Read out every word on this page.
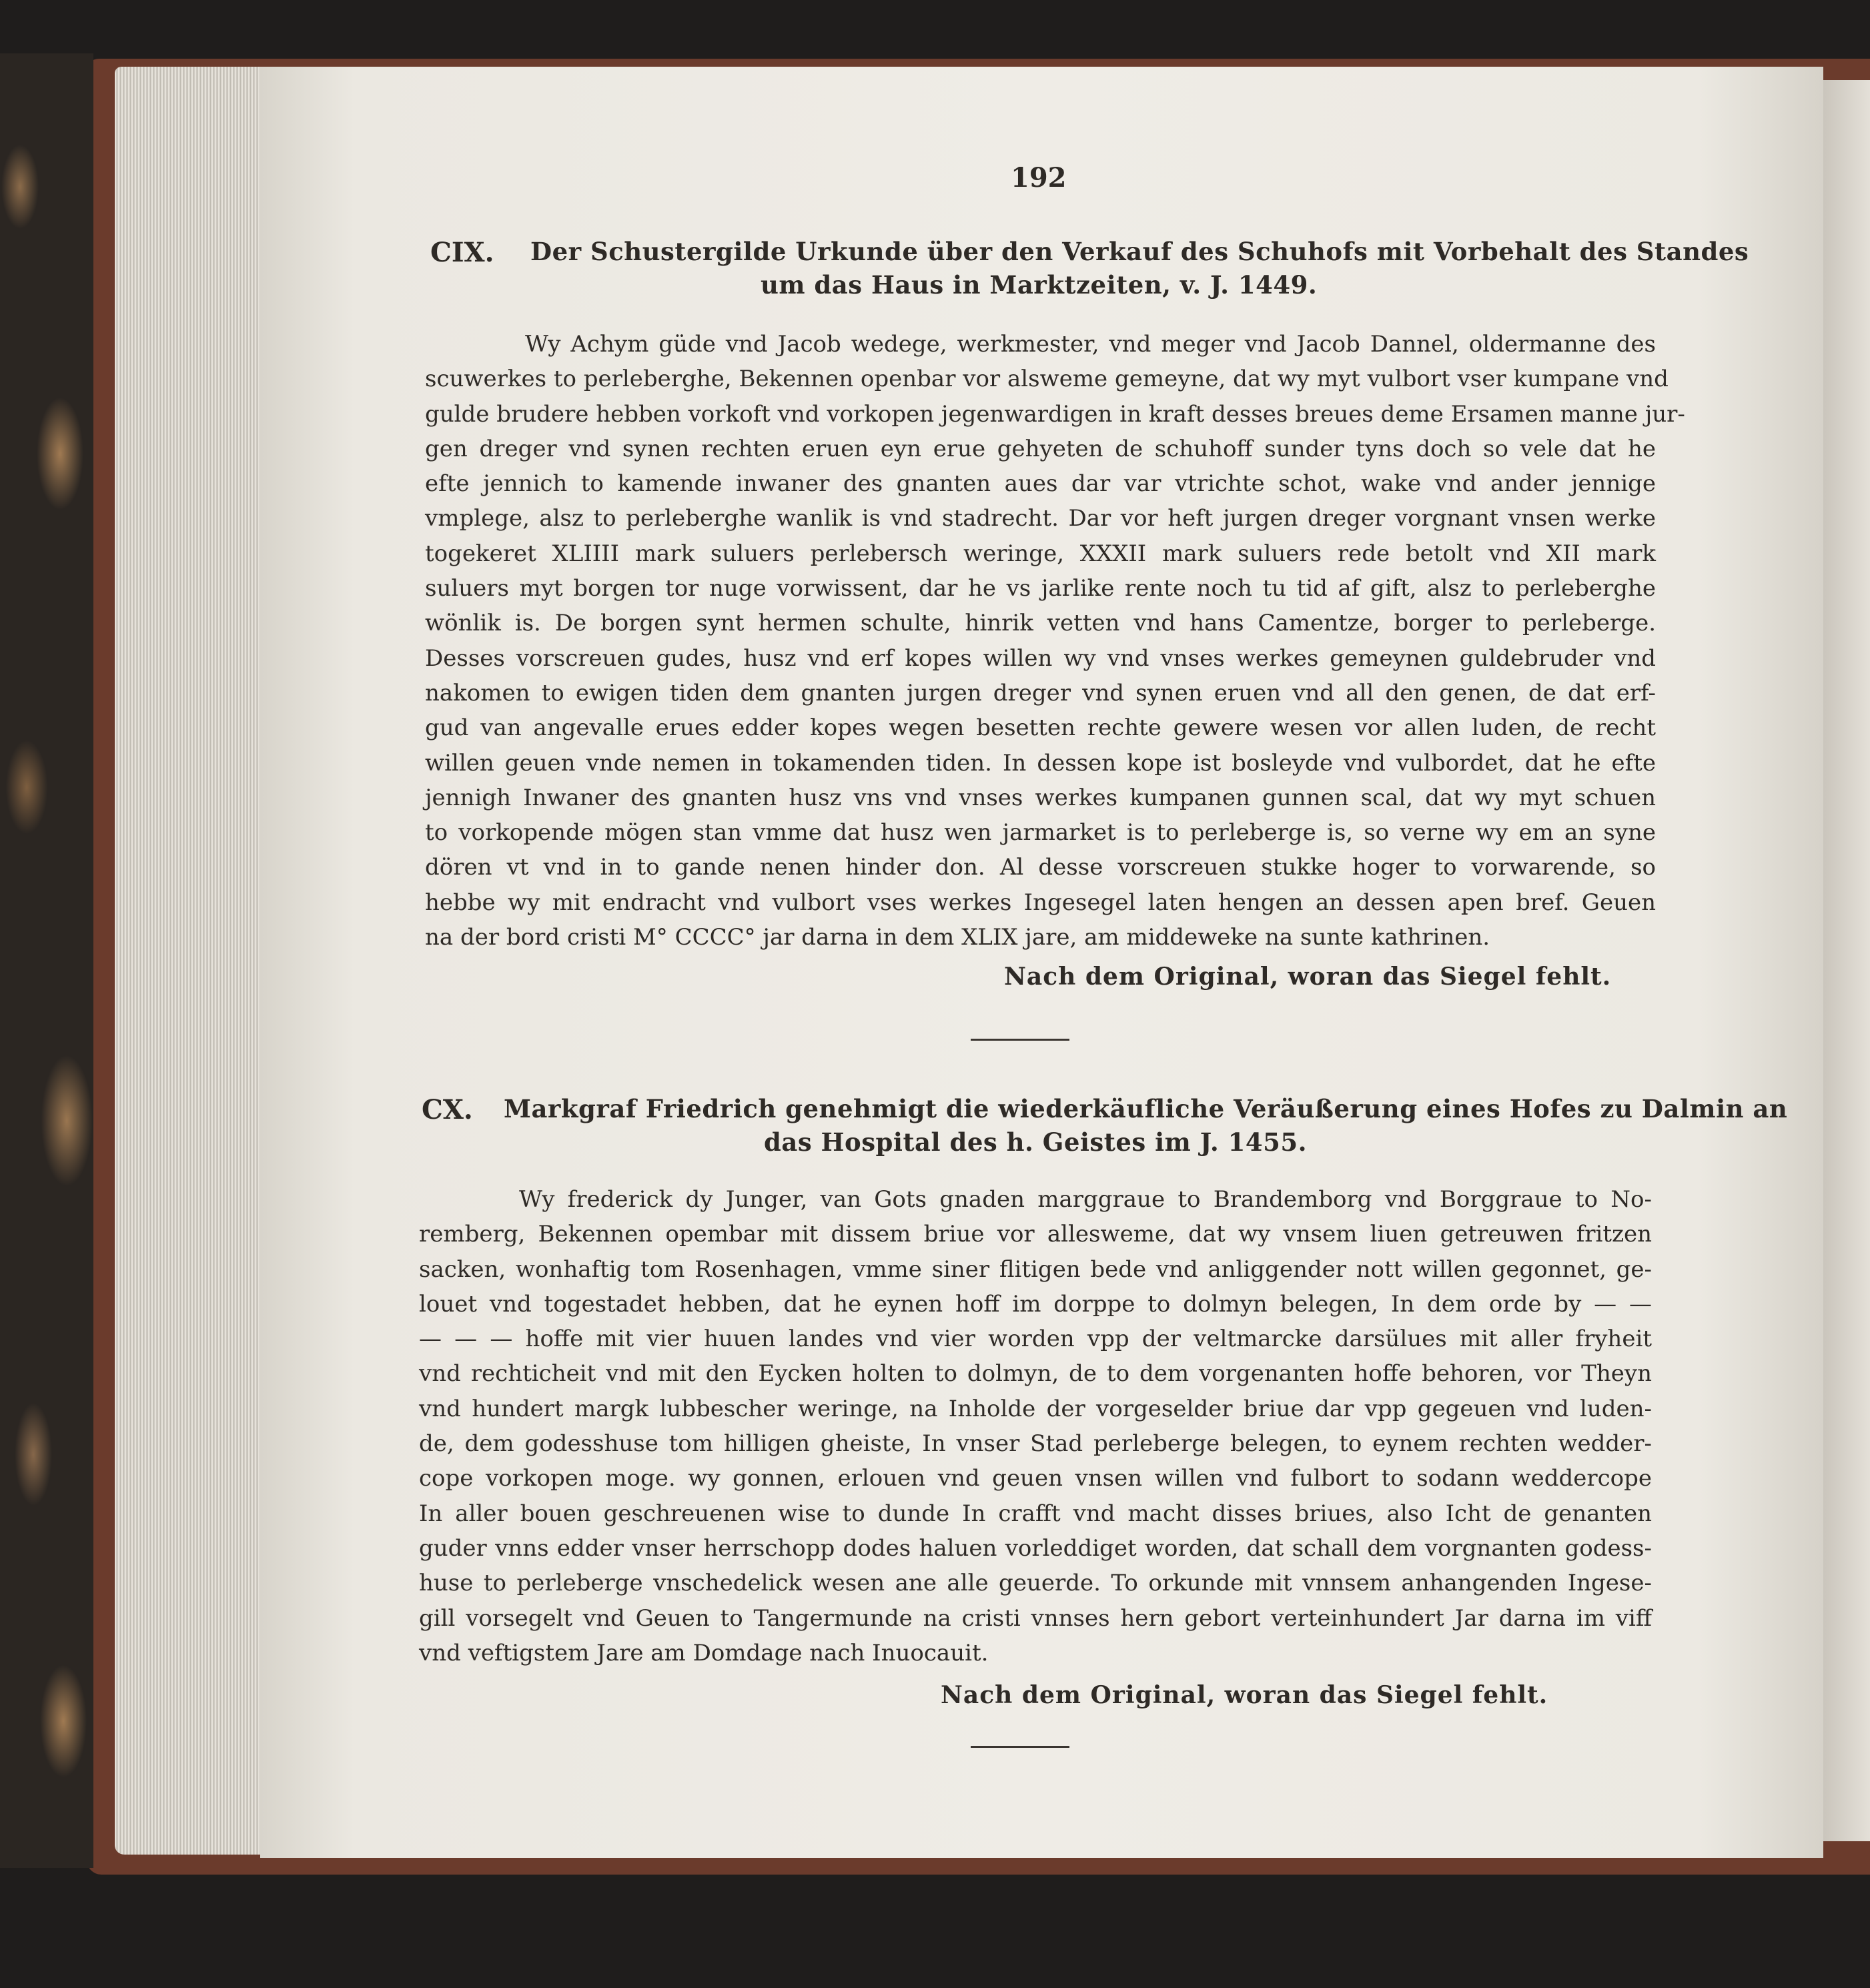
192
CIX. Der Schustergilde Urkunde über den Verkauf des Schuhofs mit Vorbehalt des Standes
um das Haus in Marktzeiten, v. J. 1449.
Wy Achym güde vnd Jacob wedege, werkmester, vnd meger vnd Jacob Dannel, oldermanne des
scuwerkes to perleberghe, Bekennen openbar vor alsweme gemeyne, dat wy myt vulbort vser kumpane vnd
gulde brudere hebben vorkoft vnd vorkopen jegenwardigen in kraft desses breues deme Ersamen manne jur-
gen dreger vnd synen rechten eruen eyn erue gehyeten de schuhoff sunder tyns doch so vele dat he
efte jennich to kamende inwaner des gnanten aues dar var vtrichte schot, wake vnd ander jennige
vmplege, alsz to perleberghe wanlik is vnd stadrecht. Dar vor heft jurgen dreger vorgnant vnsen werke
togekeret XLIIII mark suluers perlebersch weringe, XXXII mark suluers rede betolt vnd XII mark
suluers myt borgen tor nuge vorwissent, dar he vs jarlike rente noch tu tid af gift, alsz to perleberghe
wönlik is. De borgen synt hermen schulte, hinrik vetten vnd hans Camentze, borger to perleberge.
Desses vorscreuen gudes, husz vnd erf kopes willen wy vnd vnses werkes gemeynen guldebruder vnd
nakomen to ewigen tiden dem gnanten jurgen dreger vnd synen eruen vnd all den genen, de dat erf-
gud van angevalle erues edder kopes wegen besetten rechte gewere wesen vor allen luden, de recht
willen geuen vnde nemen in tokamenden tiden. In dessen kope ist bosleyde vnd vulbordet, dat he efte
jennigh Inwaner des gnanten husz vns vnd vnses werkes kumpanen gunnen scal, dat wy myt schuen
to vorkopende mögen stan vmme dat husz wen jarmarket is to perleberge is, so verne wy em an syne
dören vt vnd in to gande nenen hinder don. Al desse vorscreuen stukke hoger to vorwarende, so
hebbe wy mit endracht vnd vulbort vses werkes Ingesegel laten hengen an dessen apen bref. Geuen
na der bord cristi M° CCCC° jar darna in dem XLIX jare, am middeweke na sunte kathrinen.
Nach dem Original, woran das Siegel fehlt.
CX. Markgraf Friedrich genehmigt die wiederkäufliche Veräußerung eines Hofes zu Dalmin an
das Hospital des h. Geistes im J. 1455.
Wy frederick dy Junger, van Gots gnaden marggraue to Brandemborg vnd Borggraue to No-
remberg, Bekennen opembar mit dissem briue vor allesweme, dat wy vnsem liuen getreuwen fritzen
sacken, wonhaftig tom Rosenhagen, vmme siner flitigen bede vnd anliggender nott willen gegonnet, ge-
louet vnd togestadet hebben, dat he eynen hoff im dorppe to dolmyn belegen, In dem orde by — —
— — — hoffe mit vier huuen landes vnd vier worden vpp der veltmarcke darsülues mit aller fryheit
vnd rechticheit vnd mit den Eycken holten to dolmyn, de to dem vorgenanten hoffe behoren, vor Theyn
vnd hundert margk lubbescher weringe, na Inholde der vorgeselder briue dar vpp gegeuen vnd luden-
de, dem godesshuse tom hilligen gheiste, In vnser Stad perleberge belegen, to eynem rechten wedder-
cope vorkopen moge. wy gonnen, erlouen vnd geuen vnsen willen vnd fulbort to sodann weddercope
In aller bouen geschreuenen wise to dunde In crafft vnd macht disses briues, also Icht de genanten
guder vnns edder vnser herrschopp dodes haluen vorleddiget worden, dat schall dem vorgnanten godess-
huse to perleberge vnschedelick wesen ane alle geuerde. To orkunde mit vnnsem anhangenden Ingese-
gill vorsegelt vnd Geuen to Tangermunde na cristi vnnses hern gebort verteinhundert Jar darna im viff
vnd veftigstem Jare am Domdage nach Inuocauit.
Nach dem Original, woran das Siegel fehlt.
